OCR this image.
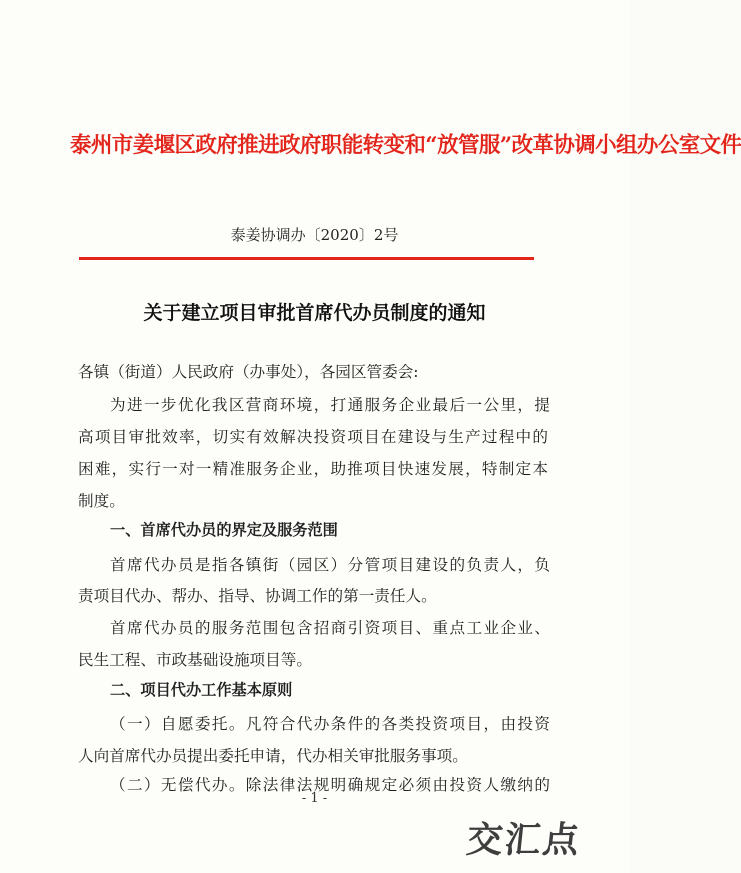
泰州市姜堰区政府推进政府职能转变和“放管服”改革协调小组办公室文件
泰姜协调办〔2020〕2号
关于建立项目审批首席代办员制度的通知
各镇（街道）人民政府（办事处），各园区管委会:
为进一步优化我区营商环境，打通服务企业最后一公里，提
高项目审批效率，切实有效解决投资项目在建设与生产过程中的
困难，实行一对一精准服务企业，助推项目快速发展，特制定本
制度。
一、首席代办员的界定及服务范围
首席代办员是指各镇街（园区）分管项目建设的负责人，负
责项目代办、帮办、指导、协调工作的第一责任人。
首席代办员的服务范围包含招商引资项目、重点工业企业、
民生工程、市政基础设施项目等。
二、项目代办工作基本原则
（一）自愿委托。凡符合代办条件的各类投资项目，由投资
人向首席代办员提出委托申请，代办相关审批服务事项。
（二）无偿代办。除法律法规明确规定必须由投资人缴纳的
- 1 -
交汇点
